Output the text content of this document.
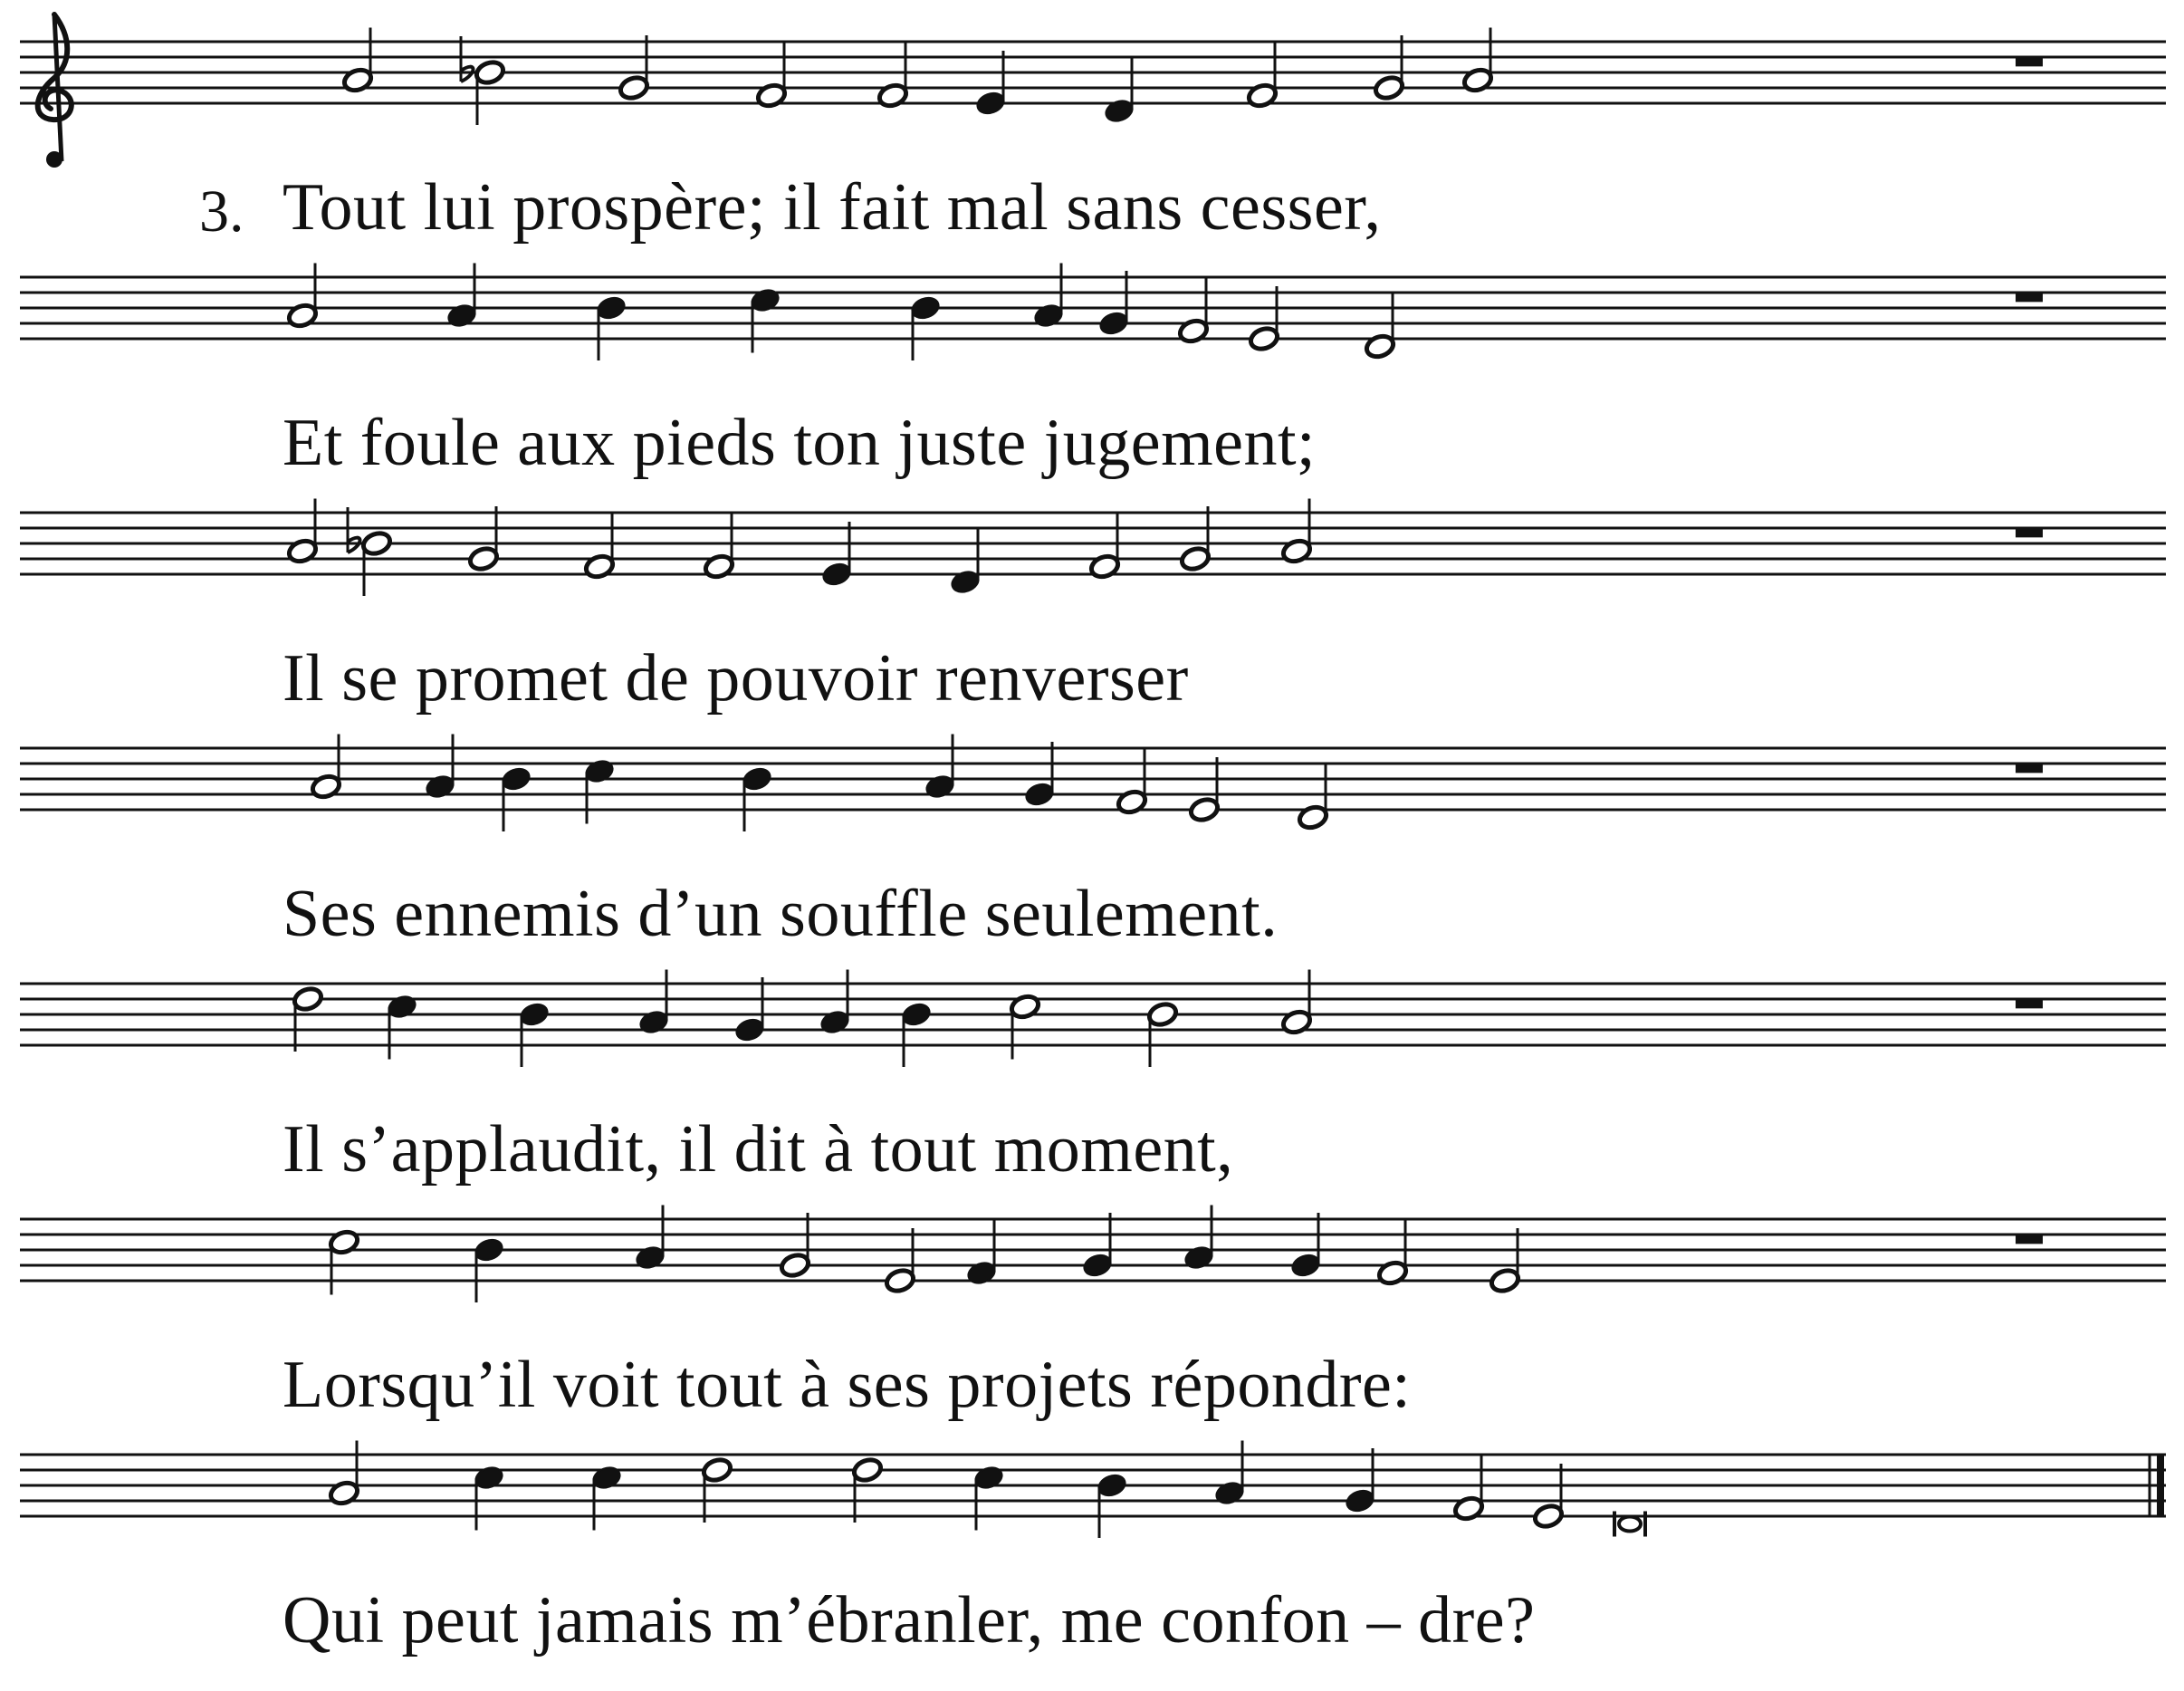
3. Tout lui prospère; il fait mal sans cesser,
Et foule aux pieds ton juste jugement;
Il se promet de pouvoir renverser
Ses ennemis d’un souffle seulement.
Il s’applaudit, il dit à tout moment,
Lorsqu’il voit tout à ses projets répondre:
Qui peut jamais m’ébranler, me confon – dre?
